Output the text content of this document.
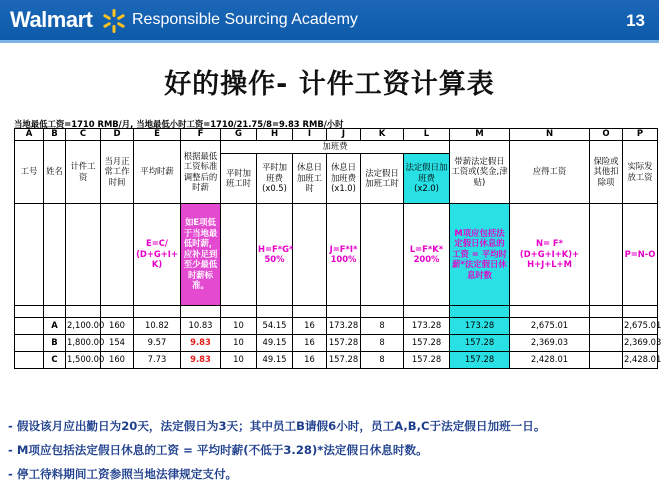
Walmart Responsible Sourcing Academy	13
好的操作- 计件工资计算表
当地最低工资=1710 RMB/月, 当地最低小时工资=1710/21.75/8=9.83 RMB/小时
A	B	C	D	E	F	G	H	I	J	K	L	M	N	O	P
工号	姓名	计件工资	当月正常工作时间	平均时薪	根据最低工资标准调整后的时薪	加班费						带薪法定假日工资或(奖金,津贴)	应得工资	保险或其他扣除项	实际发放工资
						平时加班工时	平时加班费 (x0.5)	休息日加班工时	休息日加班费 (x1.0)	法定假日加班工时	法定假日加班费 (x2.0)				
				E=C/ (D+G+I+ K)	如E项低于当地最低时薪，应补足到至少最低时薪标准。		H=F*G* 50%		J=F*I* 100%		L=F*K* 200%	M项应包括法定假日休息的工资 = 平均时薪*法定假日休息时数	N= F*(D+G+I+K)+ H+J+L+M		P=N-O

	A	2,100.00	160	10.82	10.83	10	54.15	16	173.28	8	173.28	173.28	2,675.01		2,675.01
	B	1,800.00	154	9.57	9.83	10	49.15	16	157.28	8	157.28	157.28	2,369.03		2,369.03
	C	1,500.00	160	7.73	9.83	10	49.15	16	157.28	8	157.28	157.28	2,428.01		2,428.01
- 假设该月应出勤日为20天，法定假日为3天；其中员工B请假6小时，员工A,B,C于法定假日加班一日。
- M项应包括法定假日休息的工资 = 平均时薪(不低于3.28)*法定假日休息时数。
- 停工待料期间工资参照当地法律规定支付。
